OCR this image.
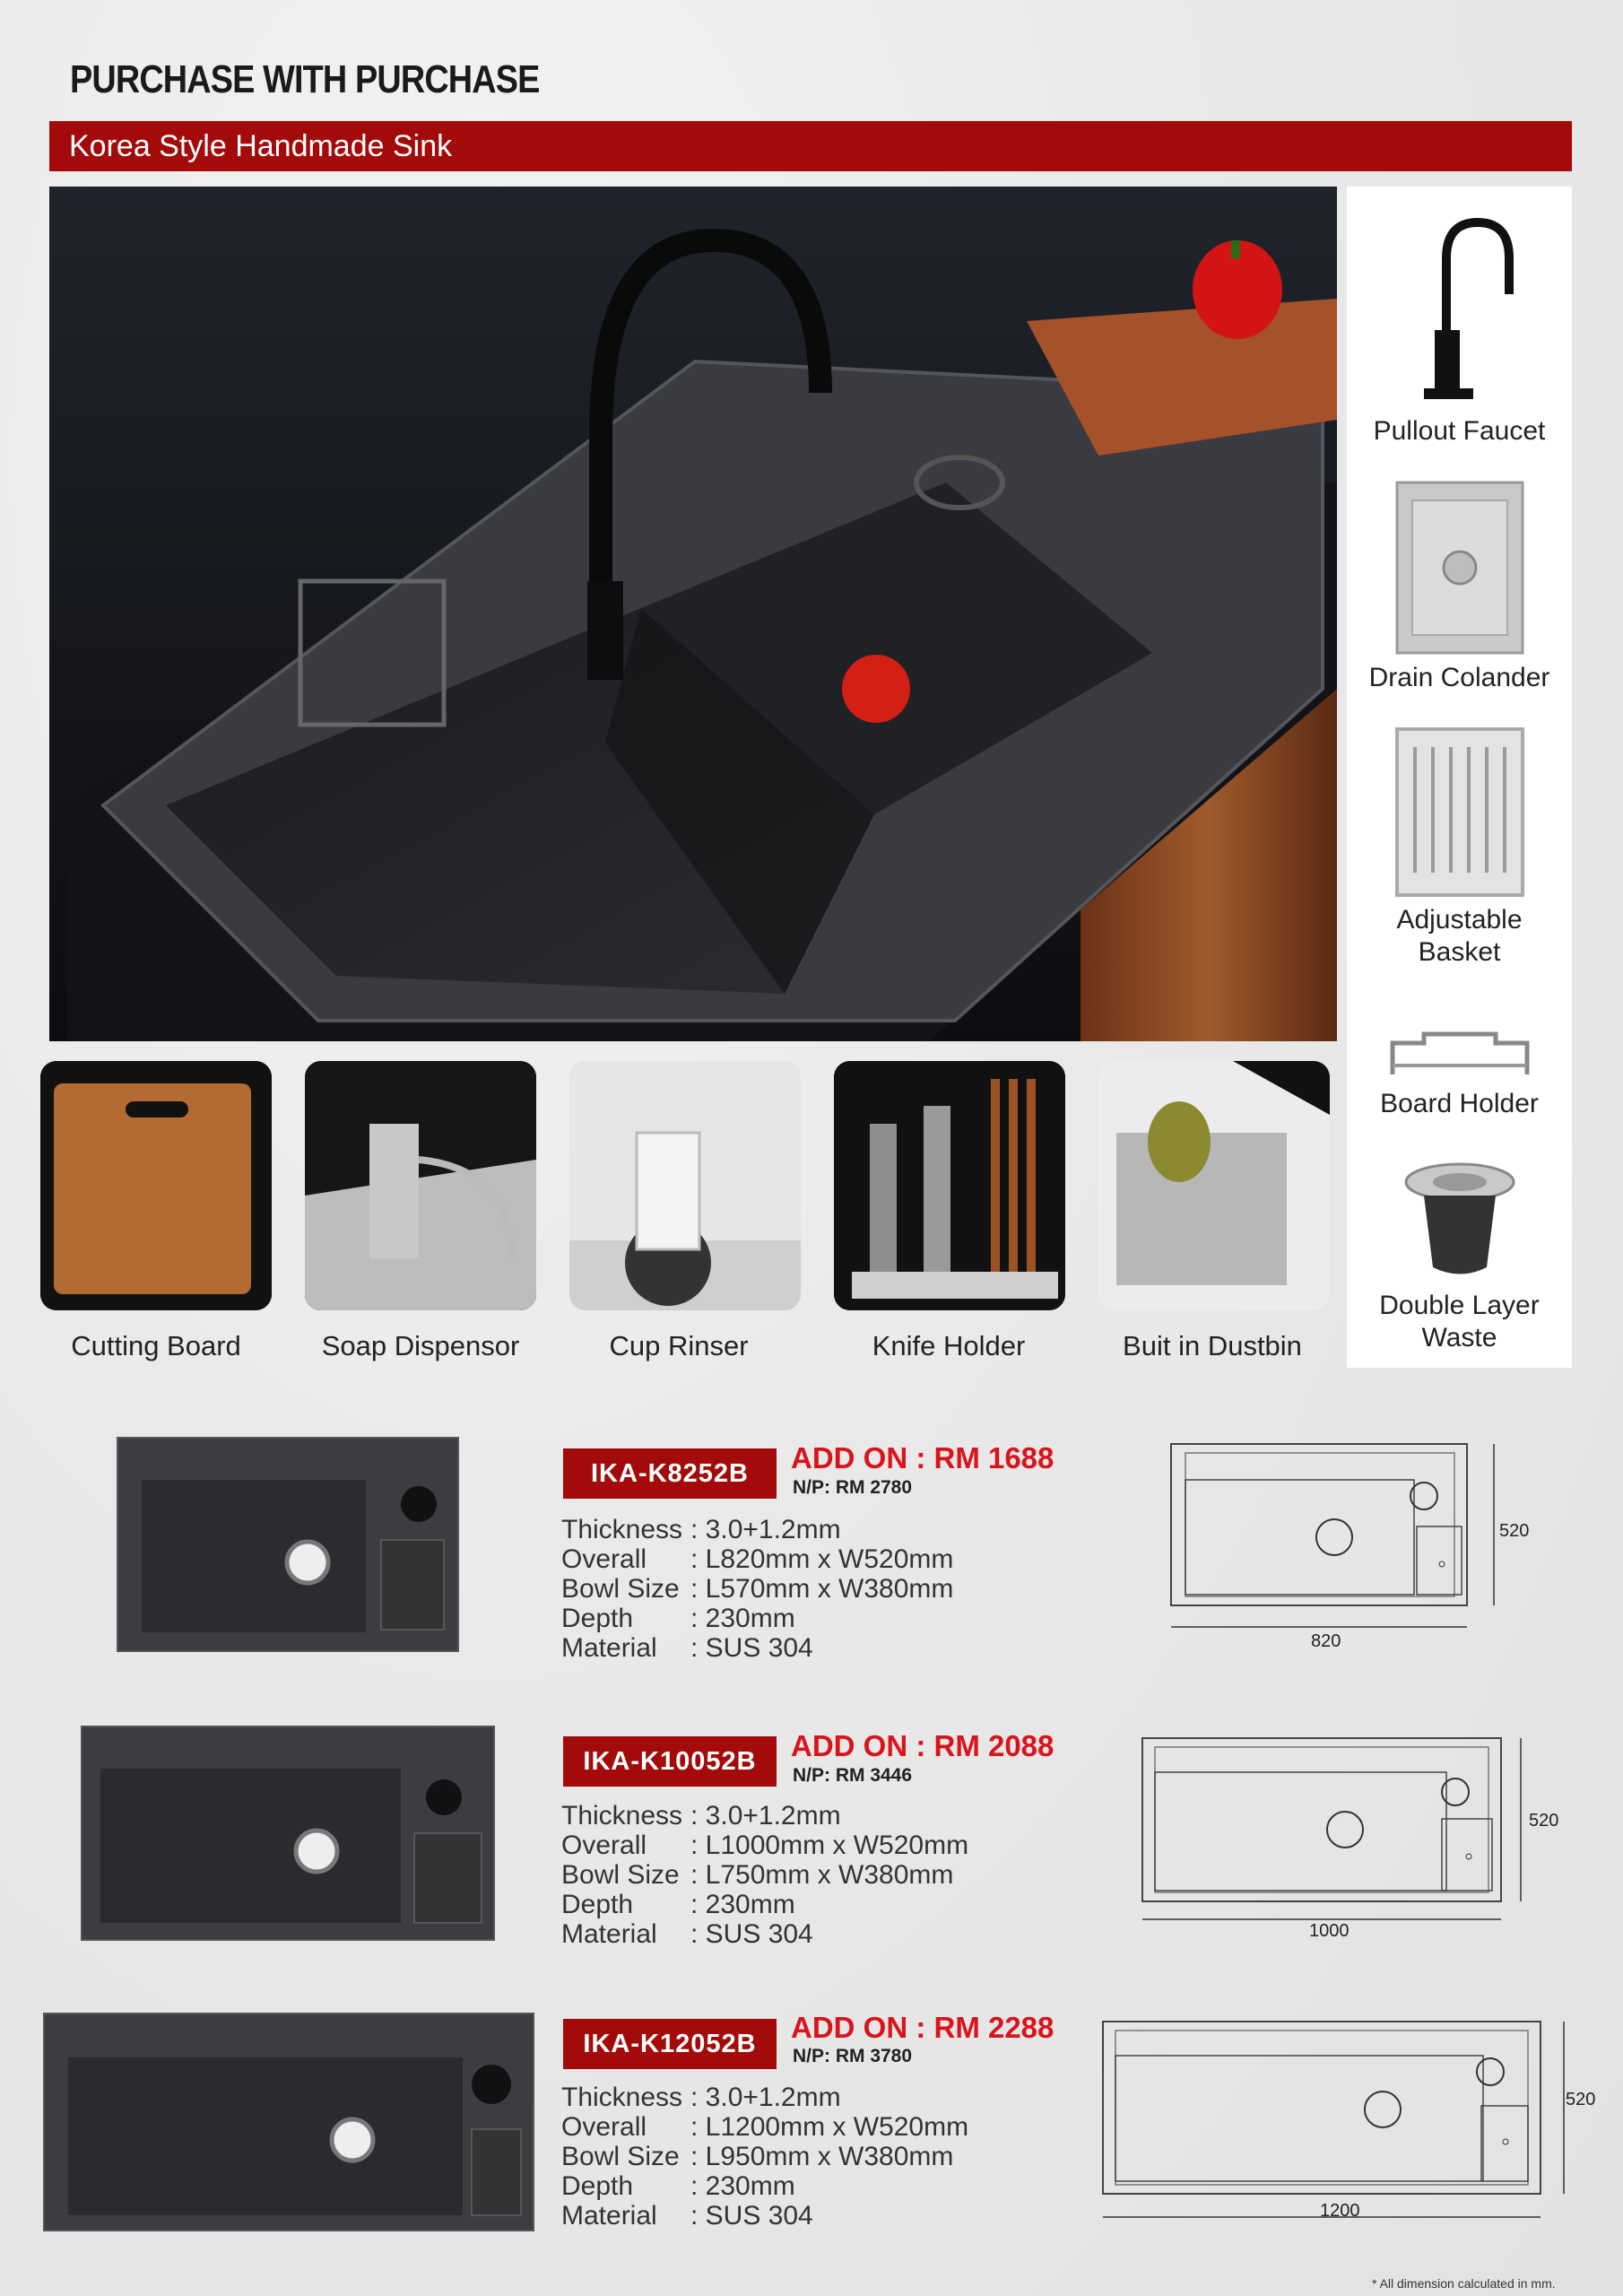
PURCHASE WITH PURCHASE
Korea Style Handmade Sink
Pullout Faucet
Drain Colander
Adjustable
Basket
Board Holder
Double Layer
Waste
Cutting Board	Soap Dispensor	Cup Rinser	Knife Holder	Buit in Dustbin
IKA-K8252B	ADD ON : RM 1688
N/P: RM 2780
Thickness : 3.0+1.2mm
Overall	: L820mm x W520mm
Bowl Size : L570mm x W380mm
Depth	: 230mm
Material	: SUS 304	820
520
IKA-K10052B	ADD ON : RM 2088
N/P: RM 3446
Thickness : 3.0+1.2mm
Overall	: L1000mm x W520mm
Bowl Size : L750mm x W380mm
Depth	: 230mm
Material	: SUS 304	1000
520
IKA-K12052B	ADD ON : RM 2288
N/P: RM 3780
Thickness : 3.0+1.2mm
Overall	: L1200mm x W520mm
Bowl Size : L950mm x W380mm
Depth	: 230mm
Material	: SUS 304	1200
520
* All dimension calculated in mm.
